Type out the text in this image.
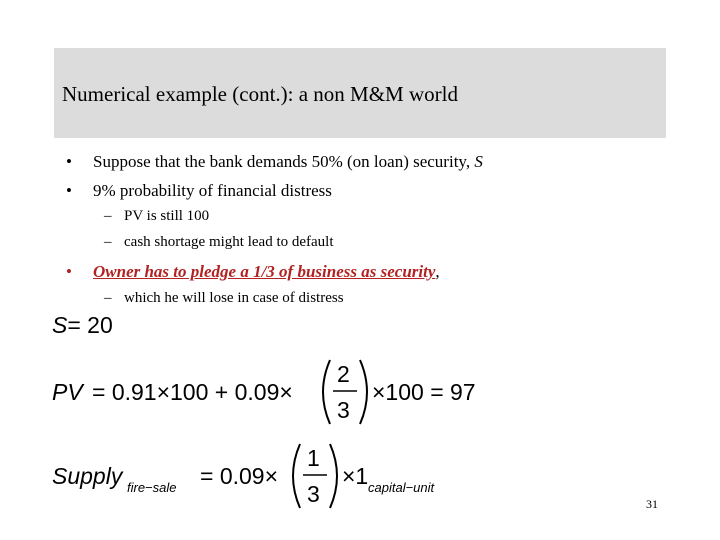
Numerical example (cont.): a non M&M world
• Suppose that the bank demands 50% (on loan) security, S
• 9% probability of financial distress
– PV is still 100
– cash shortage might lead to default
• Owner has to pledge a 1/3 of business as security,
– which he will lose in case of distress
S= 20
PV = 0.91×100 + 0.09×
2
3
×100 = 97
Supply fire−sale = 0.09×
1
3
×1 capital−unit
31
